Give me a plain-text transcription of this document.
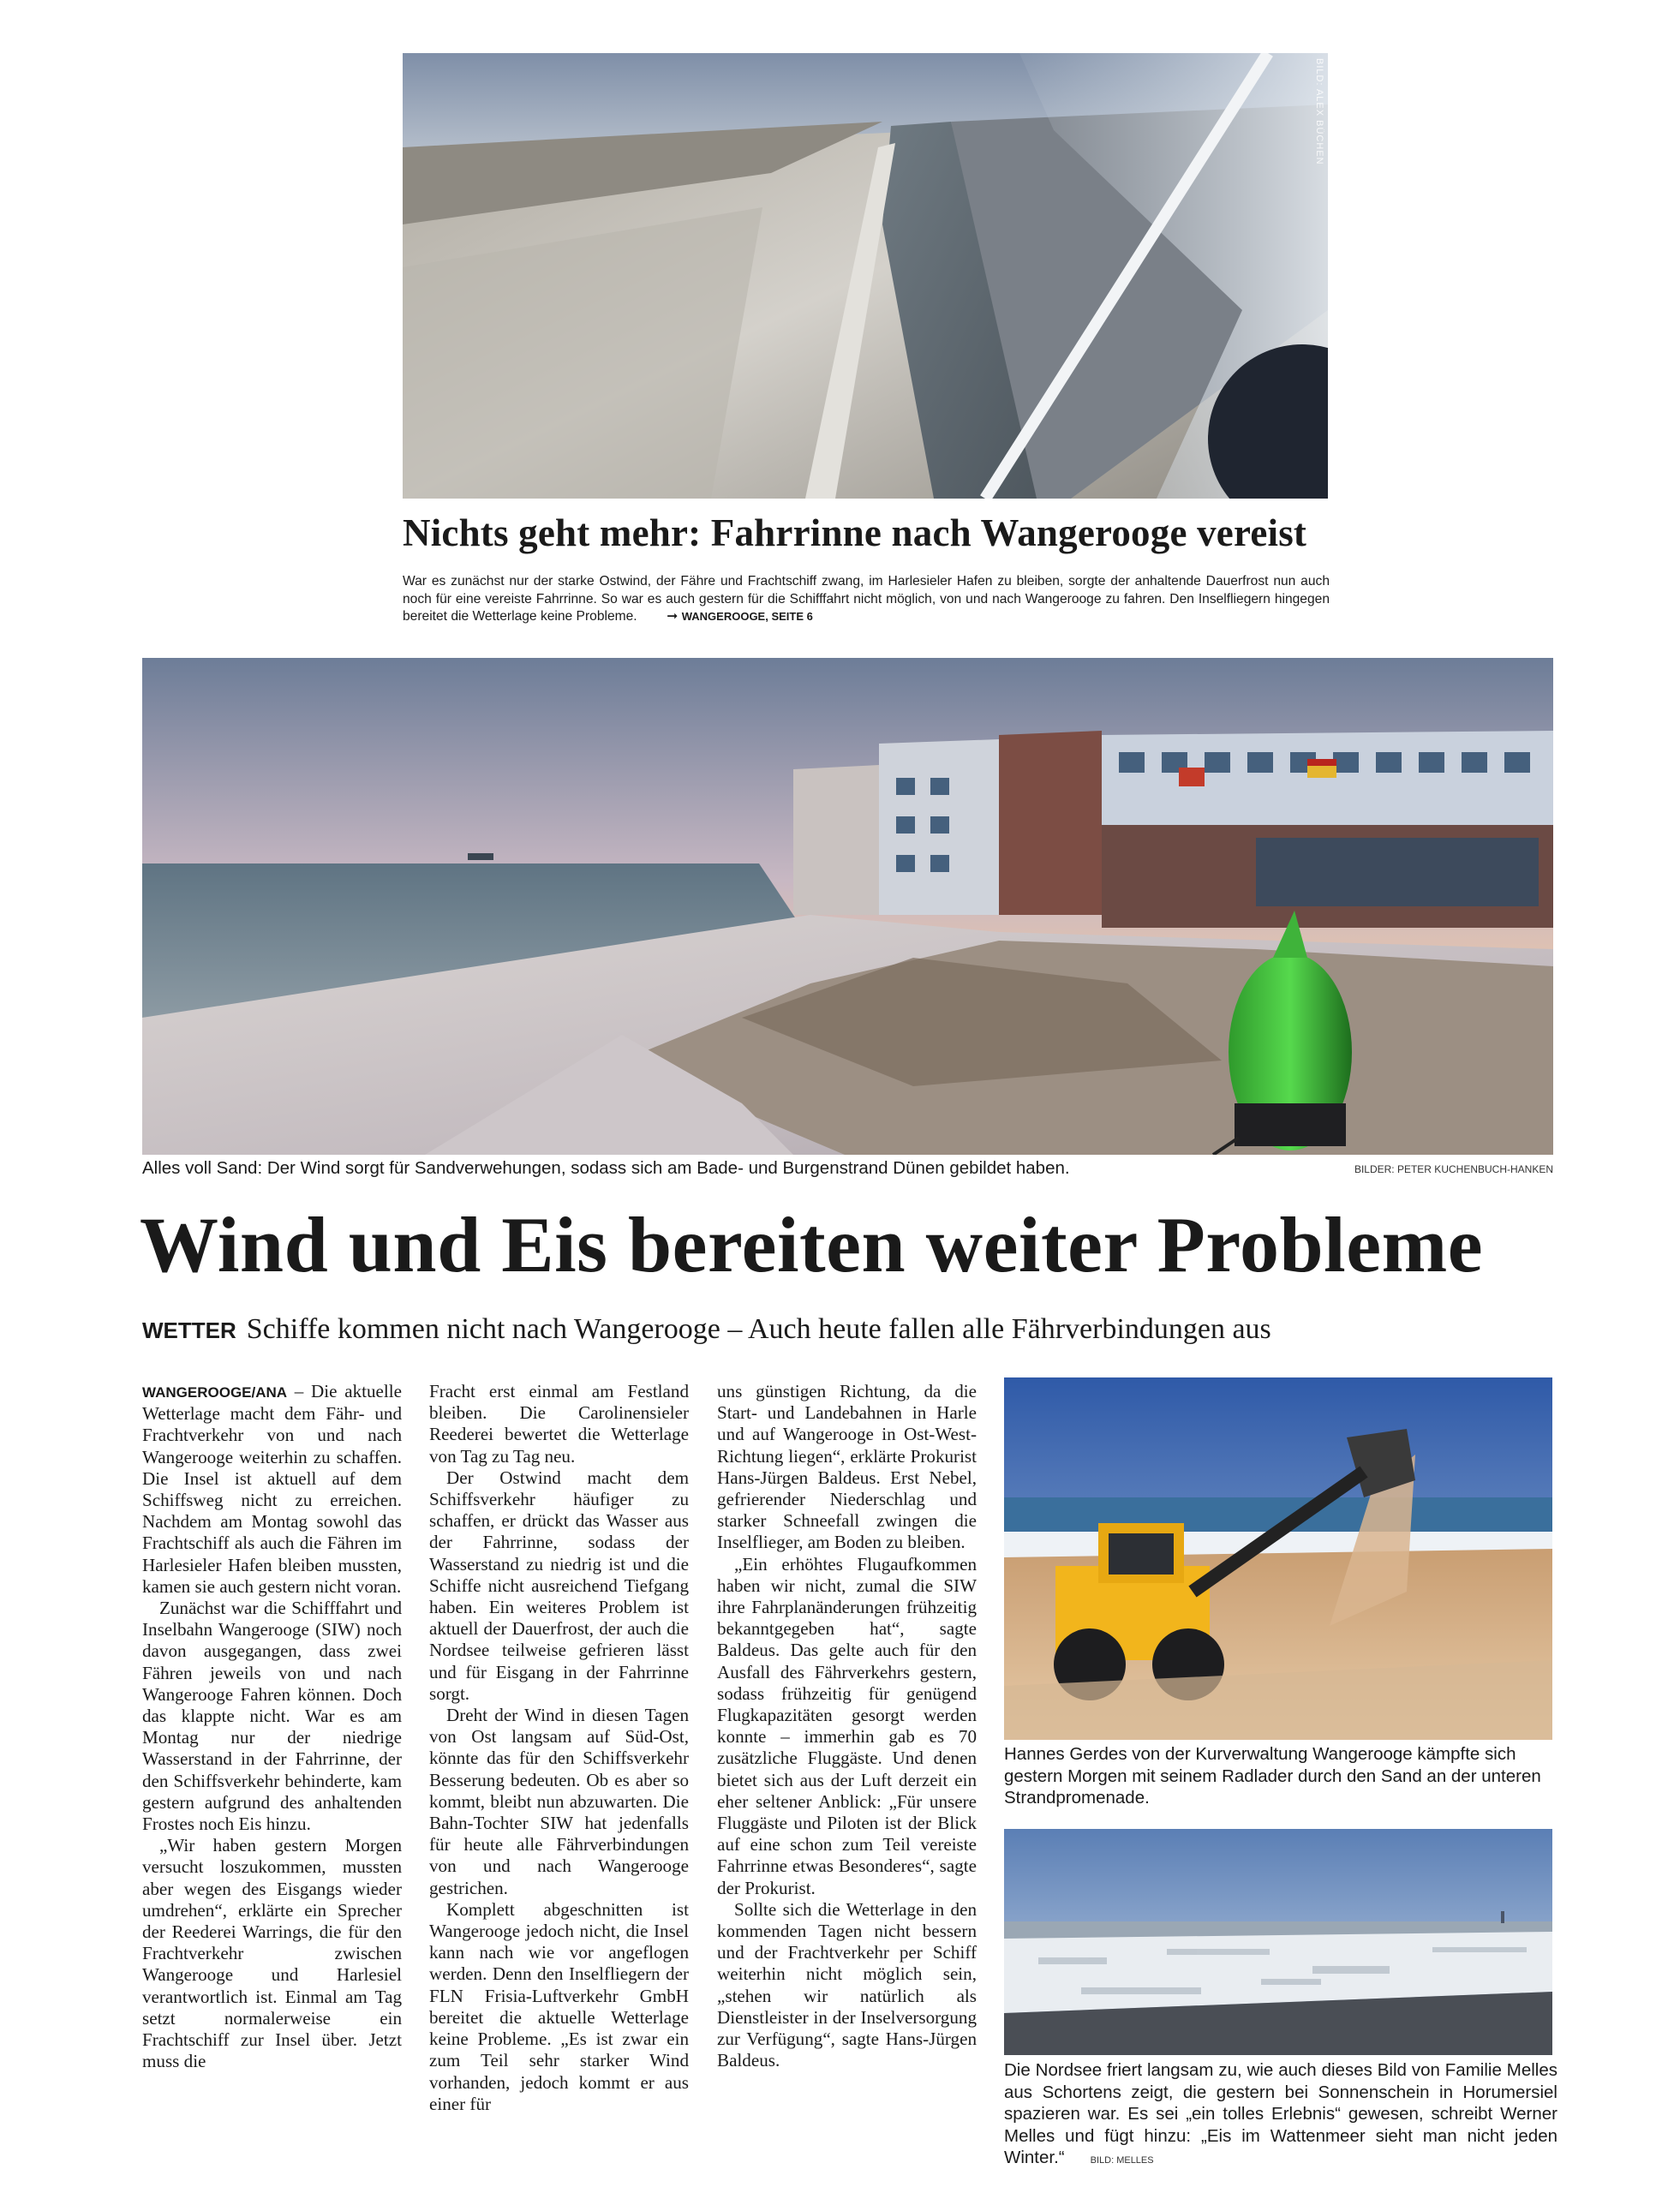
BILD: ALEX BÜCHEN
Nichts geht mehr: Fahrrinne nach Wangerooge vereist
War es zunächst nur der starke Ostwind, der Fähre und Frachtschiff zwang, im Harlesieler Hafen zu bleiben, sorgte der anhaltende Dauerfrost nun auch noch für eine vereiste Fahrrinne. So war es auch gestern für die Schifffahrt nicht möglich, von und nach Wangerooge zu fahren. Den Inselfliegern hingegen bereitet die Wetterlage keine Probleme. ➞ WANGEROOGE, SEITE 6
Alles voll Sand: Der Wind sorgt für Sandverwehungen, sodass sich am Bade- und Burgenstrand Dünen gebildet haben.	BILDER: PETER KUCHENBUCH-HANKEN
Wind und Eis bereiten weiter Probleme
WETTER Schiffe kommen nicht nach Wangerooge – Auch heute fallen alle Fährverbindungen aus

WANGEROOGE/ANA – Die aktuelle Wetterlage macht dem Fähr- und Frachtverkehr von und nach Wangerooge weiterhin zu schaffen. Die Insel ist aktuell auf dem Schiffsweg nicht zu erreichen. Nachdem am Montag sowohl das Frachtschiff als auch die Fähren im Harlesieler Hafen bleiben mussten, kamen sie auch gestern nicht voran.

Zunächst war die Schifffahrt und Inselbahn Wangerooge (SIW) noch davon ausgegangen, dass zwei Fähren jeweils von und nach Wangerooge Fahren können. Doch das klappte nicht. War es am Montag nur der niedrige Wasserstand in der Fahrrinne, der den Schiffsverkehr behinderte, kam gestern aufgrund des anhaltenden Frostes noch Eis hinzu.

„Wir haben gestern Morgen versucht loszukommen, mussten aber wegen des Eisgangs wieder umdrehen“, erklärte ein Sprecher der Reederei Warrings, die für den Frachtverkehr zwischen Wangerooge und Harlesiel verantwortlich ist. Einmal am Tag setzt normalerweise ein Frachtschiff zur Insel über. Jetzt muss die

Fracht erst einmal am Festland bleiben. Die Carolinensieler Reederei bewertet die Wetterlage von Tag zu Tag neu.

Der Ostwind macht dem Schiffsverkehr häufiger zu schaffen, er drückt das Wasser aus der Fahrrinne, sodass der Wasserstand zu niedrig ist und die Schiffe nicht ausreichend Tiefgang haben. Ein weiteres Problem ist aktuell der Dauerfrost, der auch die Nordsee teilweise gefrieren lässt und für Eisgang in der Fahrrinne sorgt.

Dreht der Wind in diesen Tagen von Ost langsam auf Süd-Ost, könnte das für den Schiffsverkehr Besserung bedeuten. Ob es aber so kommt, bleibt nun abzuwarten. Die Bahn-Tochter SIW hat jedenfalls für heute alle Fährverbindungen von und nach Wangerooge gestrichen.

Komplett abgeschnitten ist Wangerooge jedoch nicht, die Insel kann nach wie vor angeflogen werden. Denn den Inselfliegern der FLN Frisia-Luftverkehr GmbH bereitet die aktuelle Wetterlage keine Probleme. „Es ist zwar ein zum Teil sehr starker Wind vorhanden, jedoch kommt er aus einer für

uns günstigen Richtung, da die Start- und Landebahnen in Harle und auf Wangerooge in Ost-West-Richtung liegen“, erklärte Prokurist Hans-Jürgen Baldeus. Erst Nebel, gefrierender Niederschlag und starker Schneefall zwingen die Inselflieger, am Boden zu bleiben.

„Ein erhöhtes Flugaufkommen haben wir nicht, zumal die SIW ihre Fahrplanänderungen frühzeitig bekanntgegeben hat“, sagte Baldeus. Das gelte auch für den Ausfall des Fährverkehrs gestern, sodass frühzeitig für genügend Flugkapazitäten gesorgt werden konnte – immerhin gab es 70 zusätzliche Fluggäste. Und denen bietet sich aus der Luft derzeit ein eher seltener Anblick: „Für unsere Fluggäste und Piloten ist der Blick auf eine schon zum Teil vereiste Fahrrinne etwas Besonderes“, sagte der Prokurist.

Sollte sich die Wetterlage in den kommenden Tagen nicht bessern und der Frachtverkehr per Schiff weiterhin nicht möglich sein, „stehen wir natürlich als Dienstleister in der Inselversorgung zur Verfügung“, sagte Hans-Jürgen Baldeus.

Hannes Gerdes von der Kurverwaltung Wangerooge kämpfte sich gestern Morgen mit seinem Radlader durch den Sand an der unteren Strandpromenade.
Die Nordsee friert langsam zu, wie auch dieses Bild von Familie Melles aus Schortens zeigt, die gestern bei Sonnenschein in Horumersiel spazieren war. Es sei „ein tolles Erlebnis“ gewesen, schreibt Werner Melles und fügt hinzu: „Eis im Wattenmeer sieht man nicht jeden Winter.“	BILD: MELLES
